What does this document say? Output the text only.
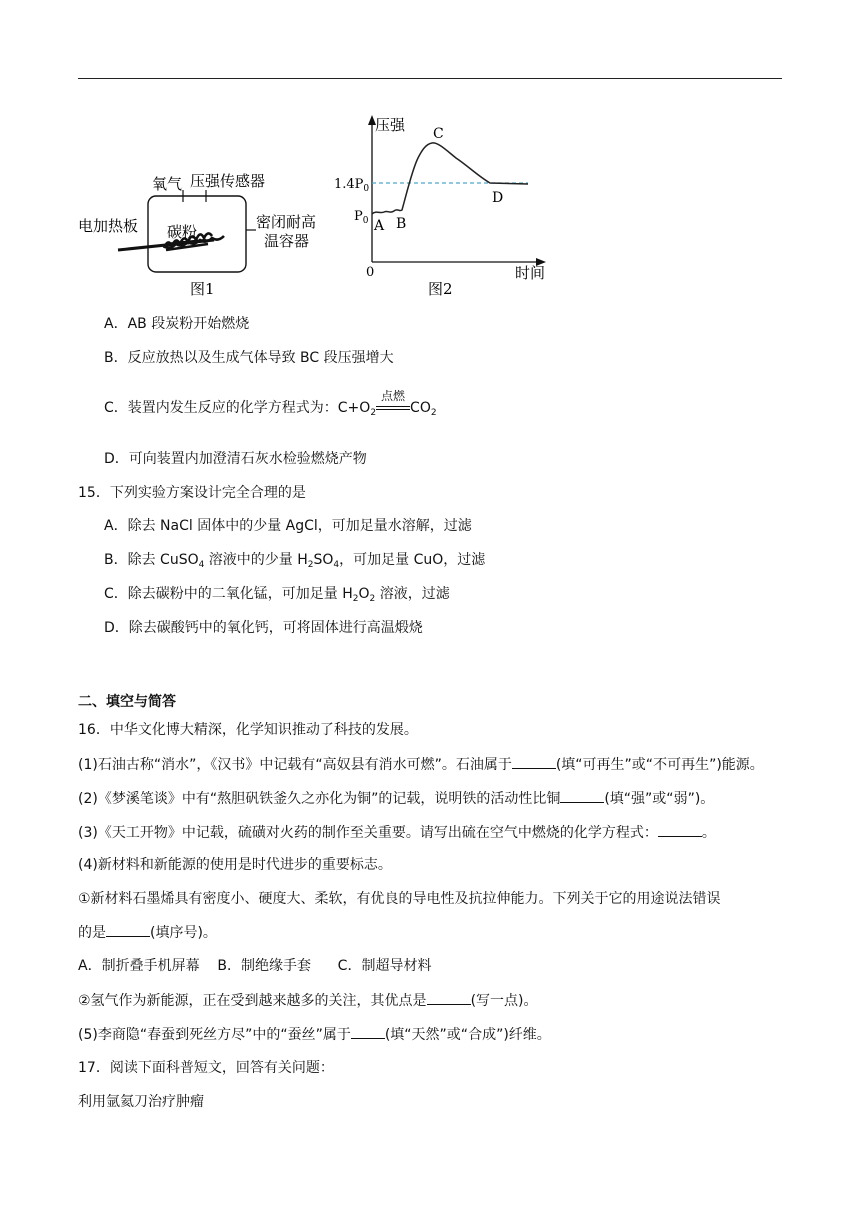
氧气 压强传感器
电加热板 碳粉
密闭耐高
温容器
图1
压强
时间
0
$1.4P_0$
$P_0$ A B
C
D
图2
A．AB 段炭粉开始燃烧
B．反应放热以及生成气体导致 BC 段压强增大
C．装置内发生反应的化学方程式为：$C+O_2$
点燃
$CO_2$
D．可向装置内加澄清石灰水检验燃烧产物
15．下列实验方案设计完全合理的是
A．除去 NaCl 固体中的少量 AgCl，可加足量水溶解，过滤
B．除去 CuSO$_4$ 溶液中的少量 $H_2SO_4$，可加足量 CuO，过滤
C．除去碳粉中的二氧化锰，可加足量 $H_2O_2$ 溶液，过滤
D．除去碳酸钙中的氧化钙，可将固体进行高温煅烧
二、填空与简答
16．中华文化博大精深，化学知识推动了科技的发展。
(1)石油古称“消水”，《汉书》中记载有“高奴县有消水可燃”。石油属于	(填“可再生”或“不可再生”)能源。
(2)《梦溪笔谈》中有“熬胆矾铁釜久之亦化为铜”的记载，说明铁的活动性比铜	(填“强”或“弱”)。
(3)《天工开物》中记载，硫磺对火药的制作至关重要。请写出硫在空气中燃烧的化学方程式：	。
(4)新材料和新能源的使用是时代进步的重要标志。
①新材料石墨烯具有密度小、硬度大、柔软，有优良的导电性及抗拉伸能力。下列关于它的用途说法错误
的是	(填序号)。
A．制折叠手机屏幕    B．制绝缘手套      C．制超导材料
②氢气作为新能源，正在受到越来越多的关注，其优点是	(写一点)。
(5)李商隐“春蚕到死丝方尽”中的“蚕丝”属于 (填“天然”或“合成”)纤维。
17．阅读下面科普短文，回答有关问题：
利用氩氦刀治疗肿瘤
